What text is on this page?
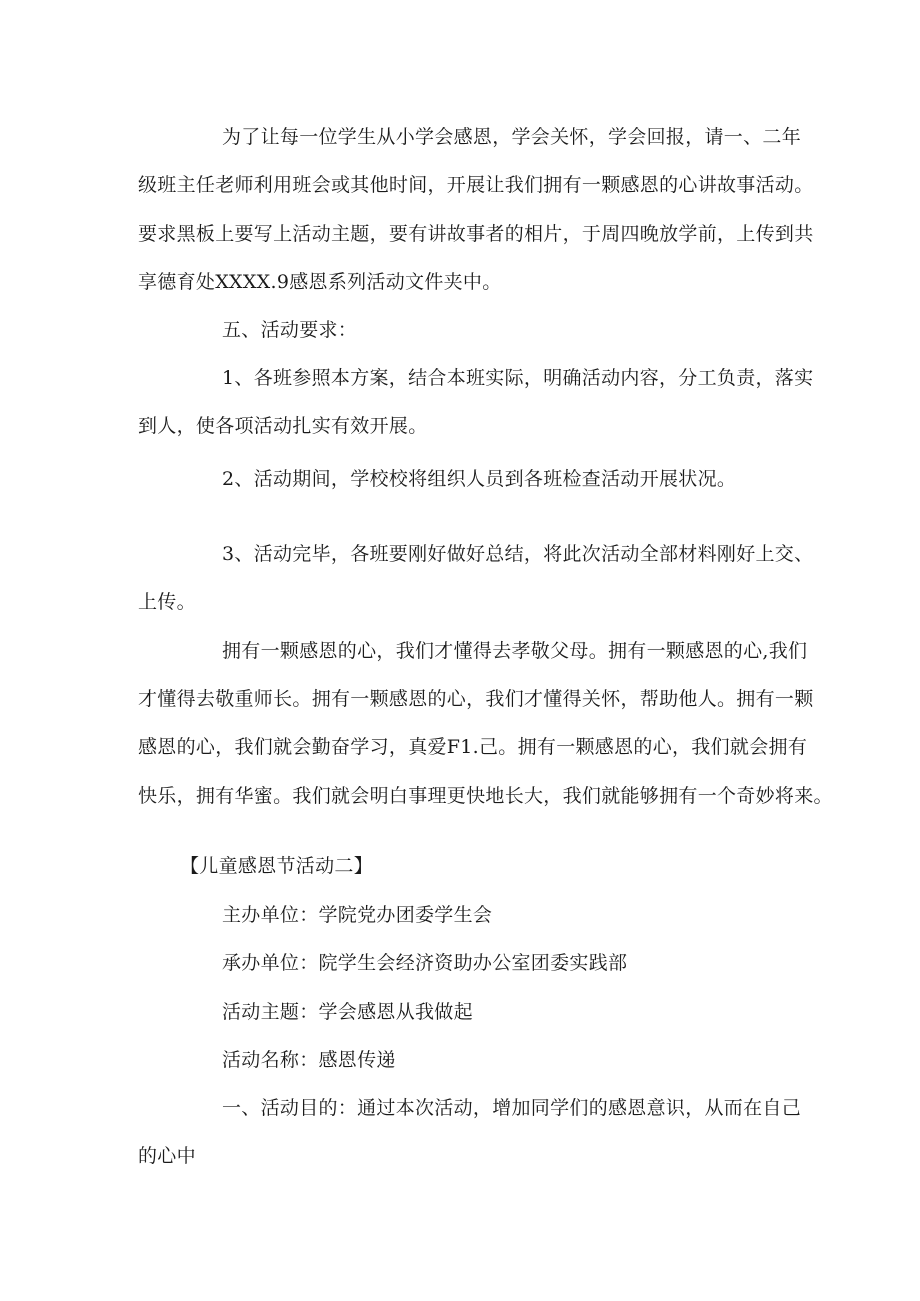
为了让每一位学生从小学会感恩，学会关怀，学会回报，请一、二年
级班主任老师利用班会或其他时间，开展让我们拥有一颗感恩的心讲故事活动。
要求黑板上要写上活动主题，要有讲故事者的相片，于周四晚放学前，上传到共
享德育处XXXX.9感恩系列活动文件夹中。
五、活动要求：
1、各班参照本方案，结合本班实际，明确活动内容，分工负责，落实
到人，使各项活动扎实有效开展。
2、活动期间，学校校将组织人员到各班检查活动开展状况。
3、活动完毕，各班要刚好做好总结，将此次活动全部材料刚好上交、
上传。
拥有一颗感恩的心，我们才懂得去孝敬父母。拥有一颗感恩的心,我们
才懂得去敬重师长。拥有一颗感恩的心，我们才懂得关怀，帮助他人。拥有一颗
感恩的心，我们就会勤奋学习，真爱F1.己。拥有一颗感恩的心，我们就会拥有
快乐，拥有华蜜。我们就会明白事理更快地长大，我们就能够拥有一个奇妙将来。
【儿童感恩节活动二】
主办单位：学院党办团委学生会
承办单位：院学生会经济资助办公室团委实践部
活动主题：学会感恩从我做起
活动名称：感恩传递
一、活动目的：通过本次活动，增加同学们的感恩意识，从而在自己
的心中
